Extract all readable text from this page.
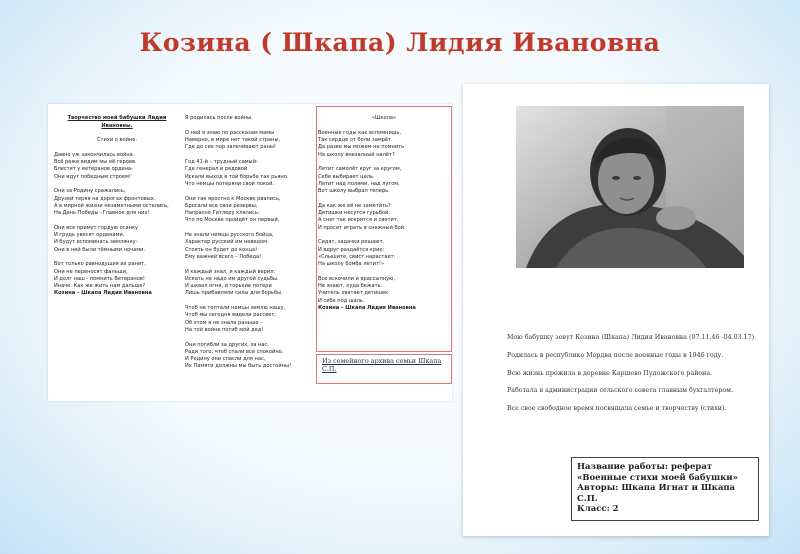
Козина ( Шкапа) Лидия Ивановна

Творчество моей бабушки Лидии Ивановны.

Стихи о войне.

Давно уж закончилась война.
Всё реже видим мы её героев.
Блестят у ветеранов ордена-
Они идут победным строем!

Они за Родину сражались,
Друзей теряя на дорогах фронтовых.
А в мирной жизни незаметными остались,
На День Победы –Главное для них!

Они все примут гордую осанку
И грудь увесят орденами.
И будут вспоминать землянку-
Они в ней были тёмными ночами.

Вот только равнодушия их ранит,
Они не переносят фальши,
И долг наш - помнить Ветеранов!
Иначе. Как же жить нам дальше?
Козина – Шкапа Лидия Ивановна

Я родилась после войны.

О ней я знаю по рассказам мамы
Наверно, в мире нет такой страны,
Где до сих пор залечивают раны!

Год 41-й – трудный самый-
Где генерал и рядовой
Искали выход в той борьбе так рьяно.
Что немцы потеряли свой покой.

Они так яростно к Москве рвались,
Бросали все свои резервы,
Напрасно Гитлеру клялись:
Что по Москве пройдёт он первый.

Не знали немцы русского бойца,
Характер русский им неведом-
Стоять он будет до конца!
Ему важней всего – Победа!

И каждый знал, и каждый верил:
Искать не надо им другой судьбы.
И шквал огня, и горькие потери
Лишь прибавляли силы для борьбы.

Чтоб не топтали немцы землю нашу,
Чтоб мы сегодня видели рассвет,
Об этом я не знала раньше –
На той войне погиб мой дед!

Они погибли за других, за нас.
Ради того, чтоб спали все спокойно.
И Родину они спасли для нас,
Их Памяти должны мы быть достойны!

«Школа»

Военные годы как вспомнишь,
Так сердце от боли замрёт.
Да разве мы можем не помнить
На школу внезапный налёт?

Летит самолёт круг за кругом,
Себе выбирает цель.
Летит над полями, над лугом,
Вот школу выбрал теперь.

Да как же её не заметить?
Детишки несутся гурьбой,
А снег так искрится и светит,
И просит играть в снежный бой.

Сидят, задачки решают.
И вдруг раздаётся крик:
«Слышите, свист нарастает:
На школу бомба летит!»

Все вскочили и врассыпную,
Не знают, куда бежать.
Учитель хватает детишек
И себе под шаль.
Козина – Шкапа Лидия Ивановна

Из семейного архива семьи Шкапа С.П.
Мою бабушку зовут Козина (Шкапа) Лидия Ивановна (07.11.46 -04.03.17).
Родилась в республике Мордва после военные годы в 1946 году.
Всю жизнь прожила в деревне Каршево Пудожского района.
Работала в администрации сельского совета главным бухгалтером.
Все свое свободное время посвящала семье и творчеству (стихи).
Название работы: реферат «Военные стихи моей бабушки»
Авторы: Шкапа Игнат и Шкапа С.П.
Класс: 2
